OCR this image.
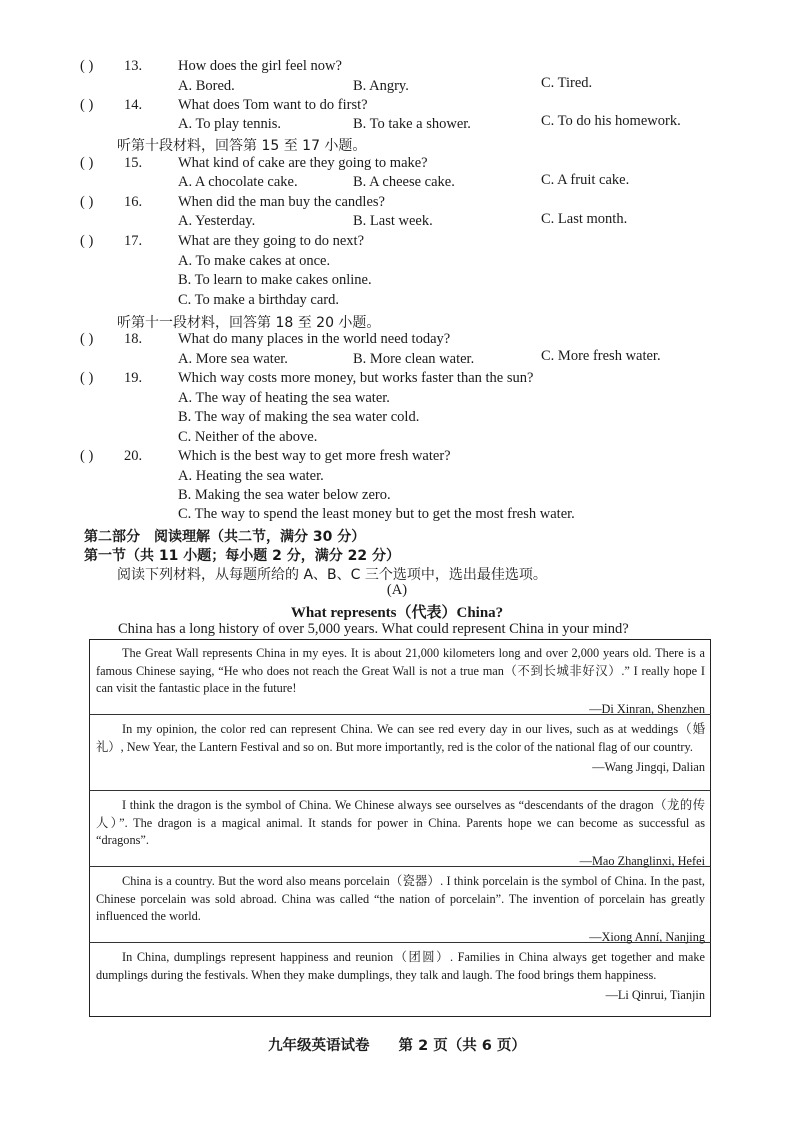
( ) 13. How does the girl feel now?
A. Bored.	B. Angry.	C. Tired.
( ) 14. What does Tom want to do first?
A. To play tennis.	B. To take a shower.	C. To do his homework.
听第十段材料，回答第 15 至 17 小题。
( ) 15. What kind of cake are they going to make?
A. A chocolate cake.	B. A cheese cake.	C. A fruit cake.
( ) 16. When did the man buy the candles?
A. Yesterday.	B. Last week.	C. Last month.
( ) 17. What are they going to do next?
A. To make cakes at once.
B. To learn to make cakes online.
C. To make a birthday card.
听第十一段材料，回答第 18 至 20 小题。
( ) 18. What do many places in the world need today?
A. More sea water.	B. More clean water.	C. More fresh water.
( ) 19. Which way costs more money, but works faster than the sun?
A. The way of heating the sea water.
B. The way of making the sea water cold.
C. Neither of the above.
( ) 20. Which is the best way to get more fresh water?
A. Heating the sea water.
B. Making the sea water below zero.
C. The way to spend the least money but to get the most fresh water.
第二部分　阅读理解（共二节，满分 30 分）
第一节（共 11 小题；每小题 2 分，满分 22 分）
阅读下列材料，从每题所给的 A、B、C 三个选项中，选出最佳选项。
(A)
What represents（代表）China?
China has a long history of over 5,000 years. What could represent China in your mind?

The Great Wall represents China in my eyes. It is about 21,000 kilometers long and over 2,000 years old. There is a famous Chinese saying, “He who does not reach the Great Wall is not a true man（不到长城非好汉）.” I really hope I can visit the fantastic place in the future!

—Di Xinran, Shenzhen

In my opinion, the color red can represent China. We can see red every day in our lives, such as at weddings（婚礼）, New Year, the Lantern Festival and so on. But more importantly, red is the color of the national flag of our country.

—Wang Jingqi, Dalian

I think the dragon is the symbol of China. We Chinese always see ourselves as “descendants of the dragon（龙的传人）”. The dragon is a magical animal. It stands for power in China. Parents hope we can become as successful as “dragons”.

—Mao Zhanglinxi, Hefei

China is a country. But the word also means porcelain（瓷器）. I think porcelain is the symbol of China. In the past, Chinese porcelain was sold abroad. China was called “the nation of porcelain”. The invention of porcelain has greatly influenced the world.

—Xiong Anní, Nanjing

In China, dumplings represent happiness and reunion（团圆）. Families in China always get together and make dumplings during the festivals. When they make dumplings, they talk and laugh. The food brings them happiness.

—Li Qinrui, Tianjin
九年级英语试卷　　第 2 页（共 6 页）
